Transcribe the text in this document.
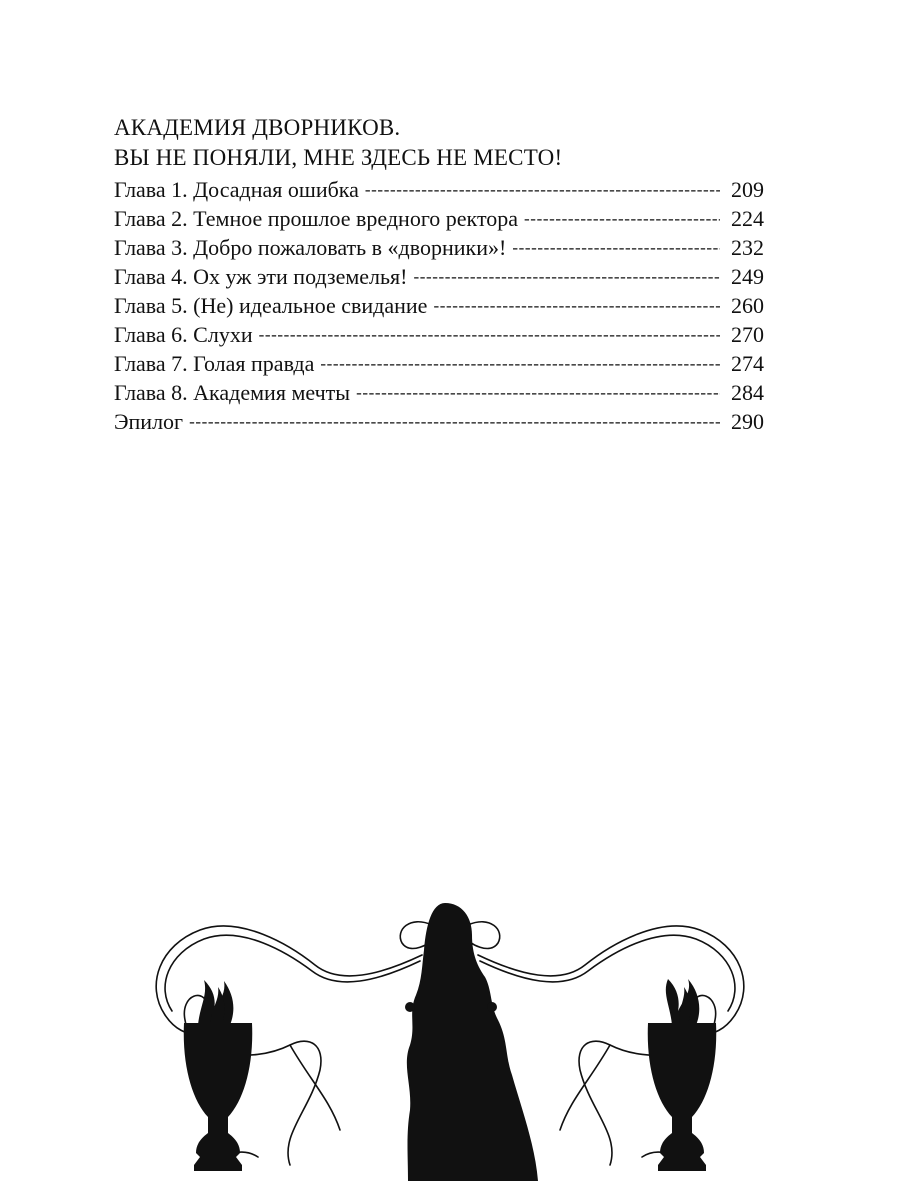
АКАДЕМИЯ ДВОРНИКОВ.
ВЫ НЕ ПОНЯЛИ, МНЕ ЗДЕСЬ НЕ МЕСТО!
Глава 1. Досадная ошибка -----	209
Глава 2. Темное прошлое вредного ректора -----	224
Глава 3. Добро пожаловать в «дворники»! -----	232
Глава 4. Ох уж эти подземелья! -----	249
Глава 5. (Не) идеальное свидание -----	260
Глава 6. Слухи -----	270
Глава 7. Голая правда -----	274
Глава 8. Академия мечты -----	284
Эпилог -----	290
